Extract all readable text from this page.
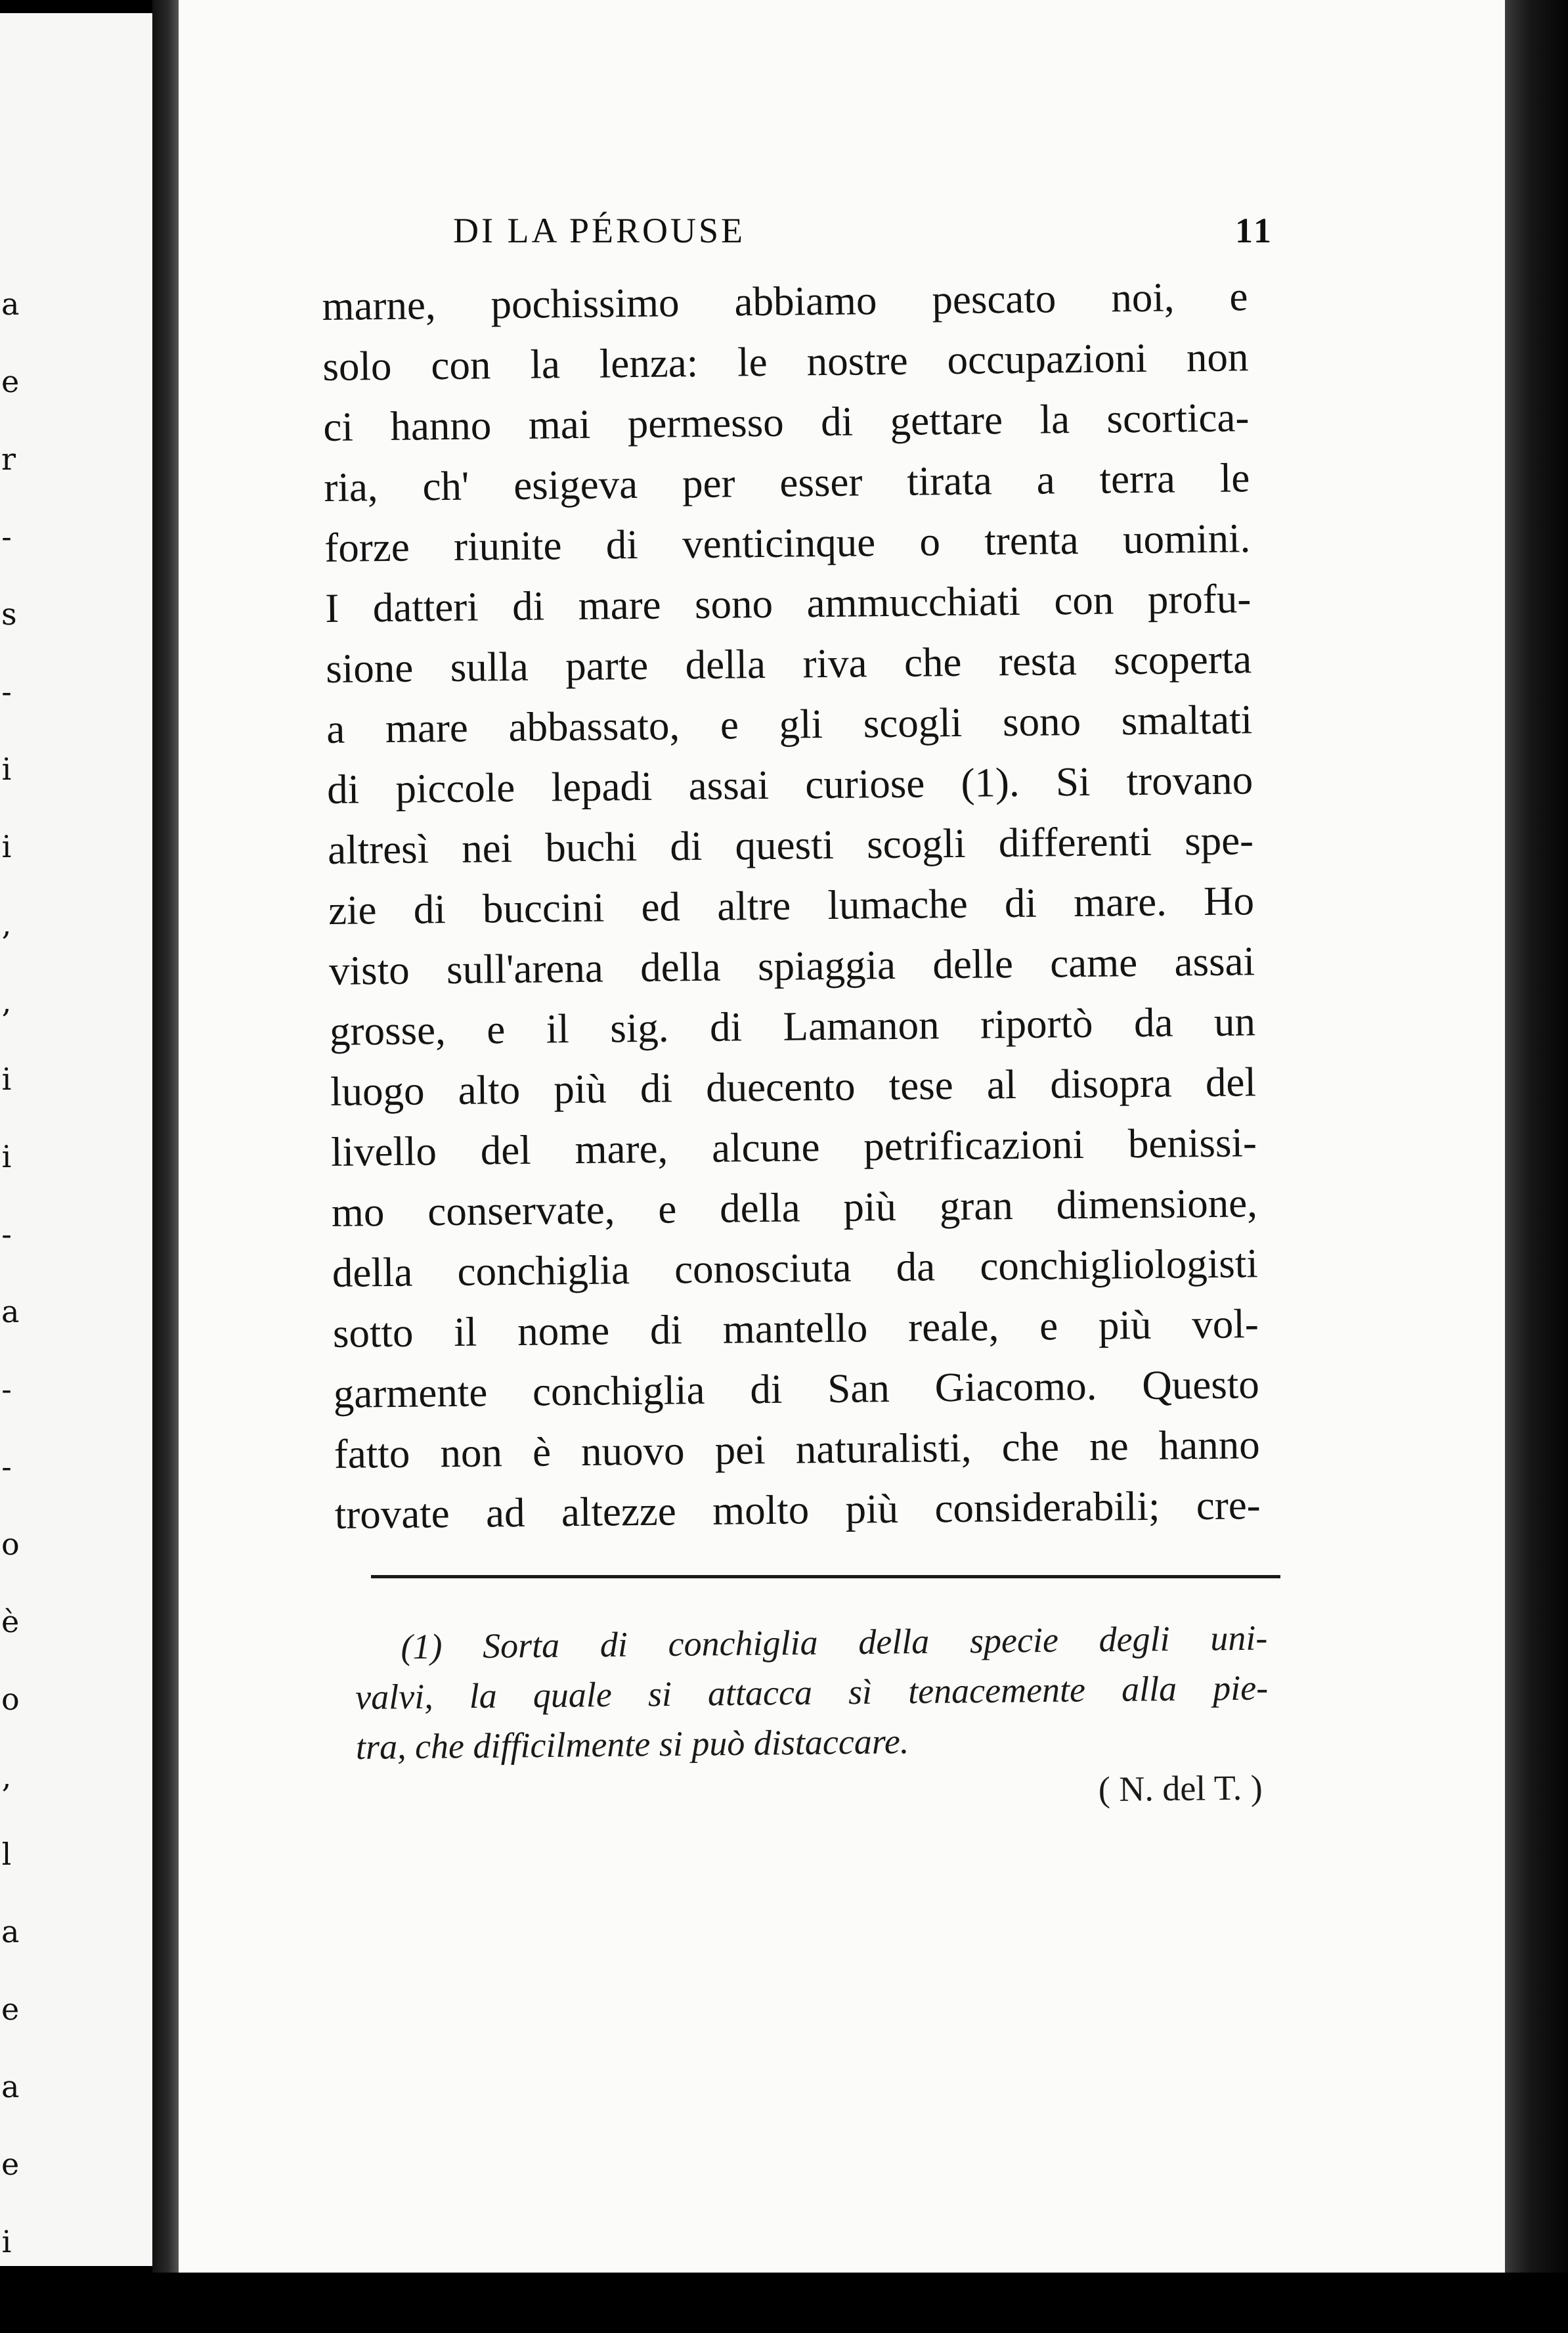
a
e
r
-
s
-
i
i
,
,
i
i
-
a
-
-
o
è
o
,
l
a
e
a
e
i
DI LA PÉROUSE	11
marne, pochissimo abbiamo pescato noi, e
solo con la lenza: le nostre occupazioni non
ci hanno mai permesso di gettare la scortica-
ria, ch' esigeva per esser tirata a terra le
forze riunite di venticinque o trenta uomini.
I datteri di mare sono ammucchiati con profu-
sione sulla parte della riva che resta scoperta
a mare abbassato, e gli scogli sono smaltati
di piccole lepadi assai curiose (1). Si trovano
altresì nei buchi di questi scogli differenti spe-
zie di buccini ed altre lumache di mare. Ho
visto sull'arena della spiaggia delle came assai
grosse, e il sig. di Lamanon riportò da un
luogo alto più di duecento tese al disopra del
livello del mare, alcune petrificazioni benissi-
mo conservate, e della più gran dimensione,
della conchiglia conosciuta da conchigliologisti
sotto il nome di mantello reale, e più vol-
garmente conchiglia di San Giacomo. Questo
fatto non è nuovo pei naturalisti, che ne hanno
trovate ad altezze molto più considerabili; cre-
(1) Sorta di conchiglia della specie degli uni-
valvi, la quale si attacca sì tenacemente alla pie-
tra, che difficilmente si può distaccare.
( N. del T. )
